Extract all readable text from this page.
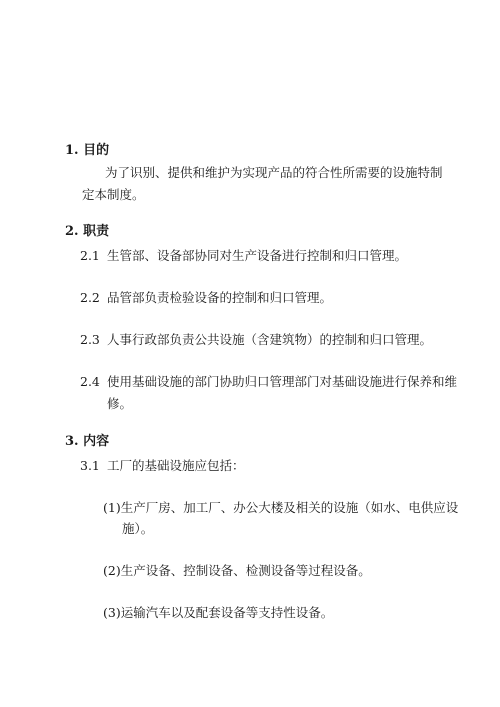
1. 目的
为了识别、提供和维护为实现产品的符合性所需要的设施特制
定本制度。
2. 职责
2.1 生管部、设备部协同对生产设备进行控制和归口管理。
2.2 品管部负责检验设备的控制和归口管理。
2.3 人事行政部负责公共设施（含建筑物）的控制和归口管理。
2.4 使用基础设施的部门协助归口管理部门对基础设施进行保养和维
修。
3. 内容
3.1 工厂的基础设施应包括：
(1)生产厂房、加工厂、办公大楼及相关的设施（如水、电供应设
施）。
(2)生产设备、控制设备、检测设备等过程设备。
(3)运输汽车以及配套设备等支持性设备。
